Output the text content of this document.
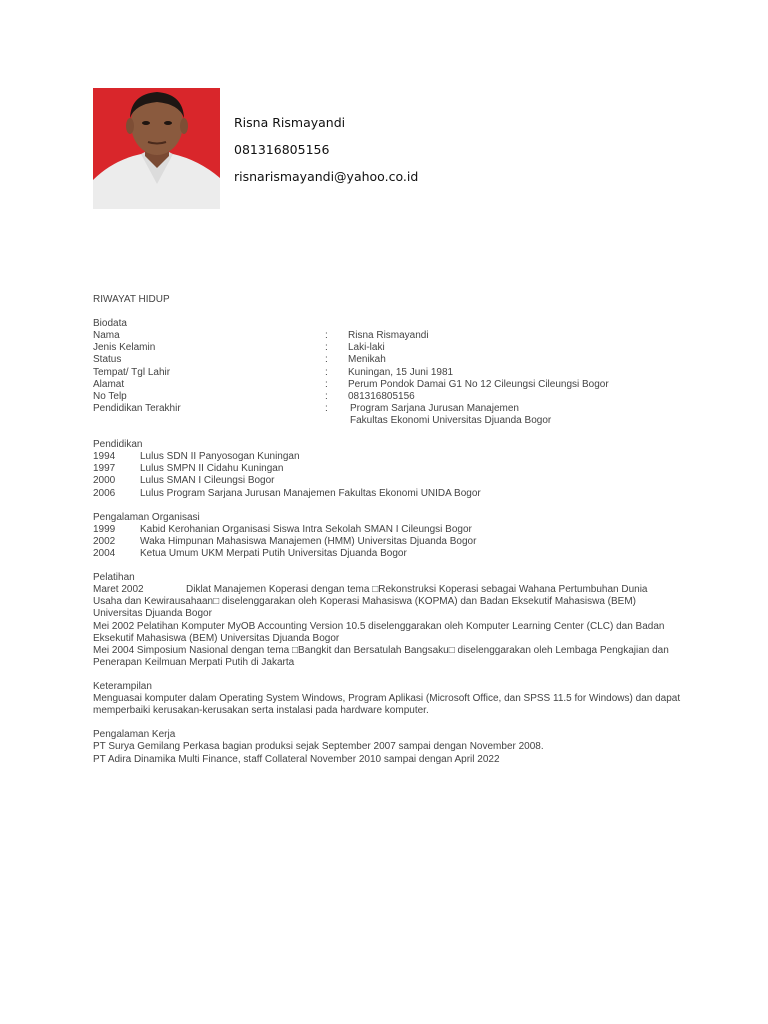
Risna Rismayandi
081316805156
risnarismayandi@yahoo.co.id
RIWAYAT HIDUP
Biodata
Nama	:	Risna Rismayandi
Jenis Kelamin	:	Laki-laki
Status	:	Menikah
Tempat/ Tgl Lahir	:	Kuningan, 15 Juni 1981
Alamat	:	Perum Pondok Damai G1 No 12 Cileungsi Cileungsi Bogor
No Telp	:	081316805156
Pendidikan Terakhir	:	Program Sarjana Jurusan Manajemen
Fakultas Ekonomi Universitas Djuanda Bogor
Pendidikan
1994	Lulus SDN II Panyosogan Kuningan
1997	Lulus SMPN II Cidahu Kuningan
2000	Lulus SMAN I Cileungsi Bogor
2006	Lulus Program Sarjana Jurusan Manajemen Fakultas Ekonomi UNIDA Bogor
Pengalaman Organisasi
1999	Kabid Kerohanian Organisasi Siswa Intra Sekolah SMAN I Cileungsi Bogor
2002	Waka Himpunan Mahasiswa Manajemen (HMM) Universitas Djuanda Bogor
2004	Ketua Umum UKM Merpati Putih Universitas Djuanda Bogor
Pelatihan
Maret 2002	Diklat Manajemen Koperasi dengan tema □Rekonstruksi Koperasi sebagai Wahana Pertumbuhan Dunia
Usaha dan Kewirausahaan□ diselenggarakan oleh Koperasi Mahasiswa (KOPMA) dan Badan Eksekutif Mahasiswa (BEM) Universitas Djuanda Bogor
Mei 2002 Pelatihan Komputer MyOB Accounting Version 10.5 diselenggarakan oleh Komputer Learning Center (CLC) dan Badan Eksekutif Mahasiswa (BEM) Universitas Djuanda Bogor
Mei 2004 Simposium Nasional dengan tema □Bangkit dan Bersatulah Bangsaku□ diselenggarakan oleh Lembaga Pengkajian dan Penerapan Keilmuan Merpati Putih di Jakarta
Keterampilan
Menguasai komputer dalam Operating System Windows, Program Aplikasi (Microsoft Office, dan SPSS 11.5 for Windows) dan dapat memperbaiki kerusakan-kerusakan serta instalasi pada hardware komputer.
Pengalaman Kerja
PT Surya Gemilang Perkasa bagian produksi sejak September 2007 sampai dengan November 2008.
PT Adira Dinamika Multi Finance, staff Collateral November 2010 sampai dengan April 2022
